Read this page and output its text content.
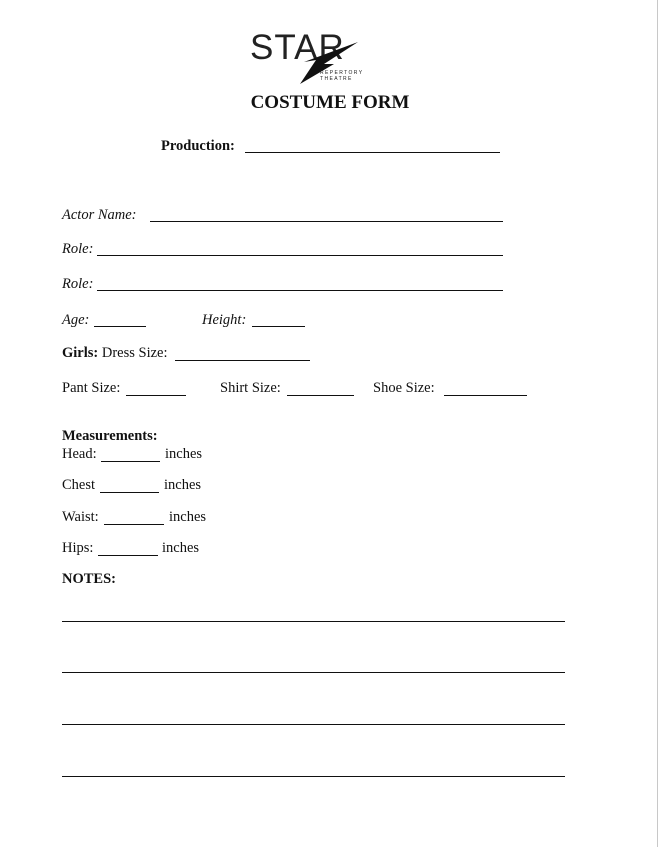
STAR
REPERTORY THEATRE
COSTUME FORM
Production:
Actor Name:
Role:
Role:
Age:	Height:
Girls: Dress Size:
Pant Size:	Shirt Size:	Shoe Size:
Measurements:
Head:	inches
Chest	inches
Waist:	inches
Hips:	inches
NOTES:
